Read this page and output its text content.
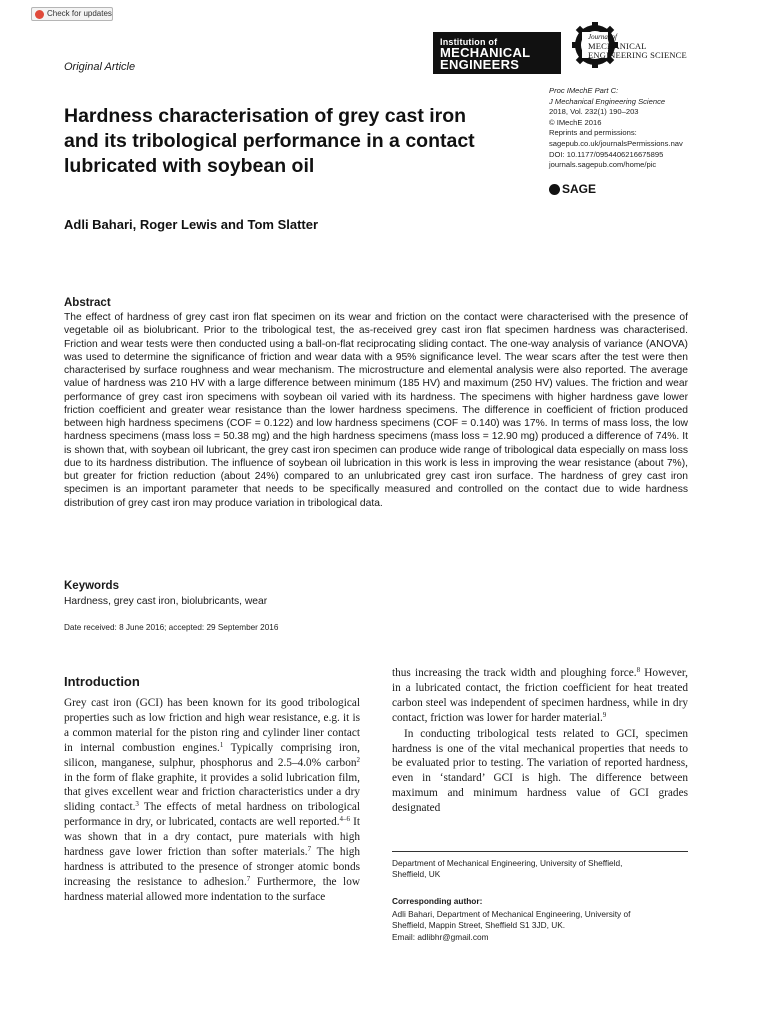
Check for updates
Original Article
Institution of
MECHANICAL
ENGINEERS
Journal of
MECHANICAL
ENGINEERING SCIENCE
Hardness characterisation of grey cast iron and its tribological performance in a contact lubricated with soybean oil
Proc IMechE Part C:
J Mechanical Engineering Science
2018, Vol. 232(1) 190–203
© IMechE 2016
Reprints and permissions:
sagepub.co.uk/journalsPermissions.nav
DOI: 10.1177/0954406216675895
journals.sagepub.com/home/pic
SAGE
Adli Bahari, Roger Lewis and Tom Slatter
Abstract

The effect of hardness of grey cast iron flat specimen on its wear and friction on the contact were characterised with the presence of vegetable oil as biolubricant. Prior to the tribological test, the as-received grey cast iron flat specimen hardness was characterised. Friction and wear tests were then conducted using a ball-on-flat reciprocating sliding contact. The one-way analysis of variance (ANOVA) was used to determine the significance of friction and wear data with a 95% significance level. The wear scars after the test were then characterised by surface roughness and wear mechanism. The microstructure and elemental analysis were also reported. The average value of hardness was 210 HV with a large difference between minimum (185 HV) and maximum (250 HV) values. The friction and wear performance of grey cast iron specimens with soybean oil varied with its hardness. The specimens with higher hardness gave lower friction coefficient and greater wear resistance than the lower hardness specimens. The difference in coefficient of friction produced between high hardness specimens (COF = 0.122) and low hardness specimens (COF = 0.140) was 17%. In terms of mass loss, the low hardness specimens (mass loss = 50.38 mg) and the high hardness specimens (mass loss = 12.90 mg) produced a difference of 74%. It is shown that, with soybean oil lubricant, the grey cast iron specimen can produce wide range of tribological data especially on mass loss due to its hardness distribution. The influence of soybean oil lubrication in this work is less in improving the wear resistance (about 7%), but greater for friction reduction (about 24%) compared to an unlubricated grey cast iron surface. The hardness of grey cast iron specimen is an important parameter that needs to be specifically measured and controlled on the contact due to wide hardness distribution of grey cast iron may produce variation in tribological data.

Keywords
Hardness, grey cast iron, biolubricants, wear
Date received: 8 June 2016; accepted: 29 September 2016
Introduction

Grey cast iron (GCI) has been known for its good tribological properties such as low friction and high wear resistance, e.g. it is a common material for the piston ring and cylinder liner contact in internal combustion engines.$^1$ Typically comprising iron, silicon, manganese, sulphur, phosphorus and 2.5–4.0% carbon$^2$ in the form of flake graphite, it provides a solid lubrication film, that gives excellent wear and friction characteristics under a dry sliding contact.$^3$ The effects of metal hardness on tribological performance in dry, or lubricated, contacts are well reported.$^{4-6}$ It was shown that in a dry contact, pure materials with high hardness gave lower friction than softer materials.$^7$ The high hardness is attributed to the presence of stronger atomic bonds increasing the resistance to adhesion.$^7$ Furthermore, the low hardness material allowed more indentation to the surface

thus increasing the track width and ploughing force.$^8$ However, in a lubricated contact, the friction coefficient for heat treated carbon steel was independent of specimen hardness, while in dry contact, friction was lower for harder material.$^9$
In conducting tribological tests related to GCI, specimen hardness is one of the vital mechanical properties that needs to be evaluated prior to testing. The variation of reported hardness, even in ‘standard’ GCI is high. The difference between maximum and minimum hardness value of GCI grades designated

Department of Mechanical Engineering, University of Sheffield,
Sheffield, UK
Corresponding author:
Adli Bahari, Department of Mechanical Engineering, University of
Sheffield, Mappin Street, Sheffield S1 3JD, UK.
Email: adlibhr@gmail.com
